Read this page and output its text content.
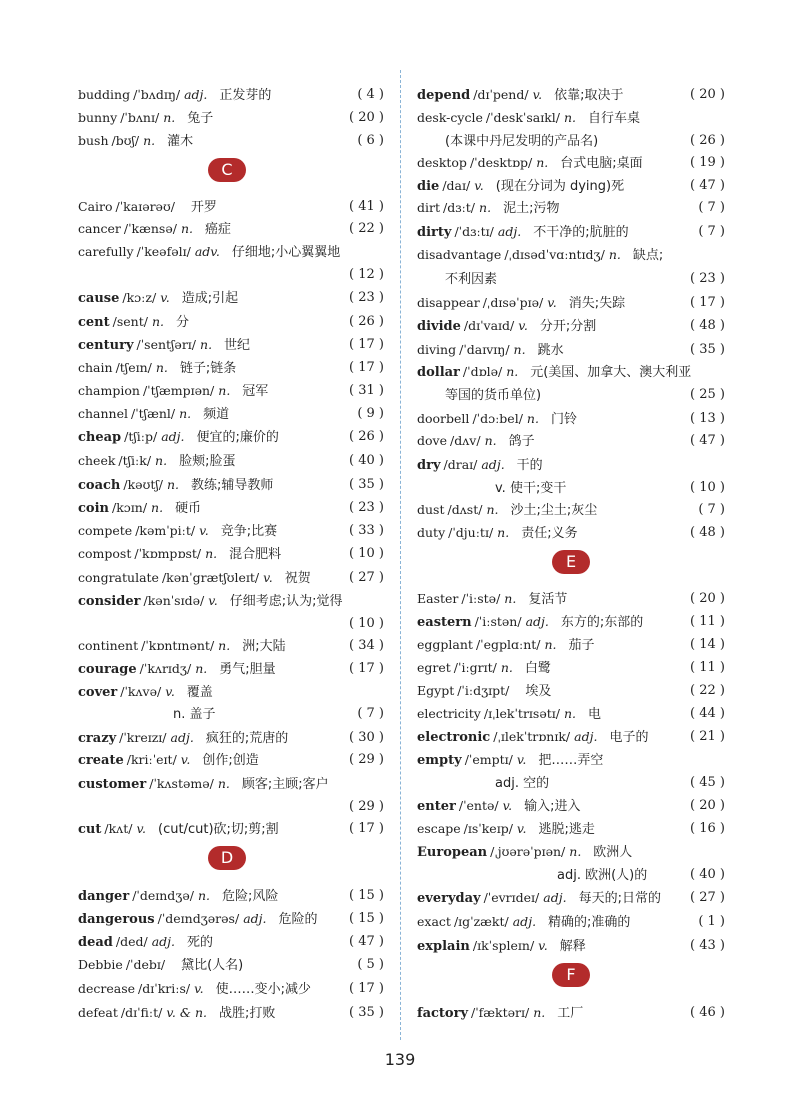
budding /ˈbʌdɪŋ/ adj. 正发芽的	( 4 )
bunny /ˈbʌnɪ/ n. 兔子	( 20 )
bush /bʊʃ/ n. 灌木	( 6 )
C
Cairo /ˈkaɪərəʊ/ 开罗	( 41 )
cancer /ˈkænsə/ n. 癌症	( 22 )
carefully /ˈkeəfəlɪ/ adv. 仔细地;小心翼翼地
( 12 )
cause /kɔːz/ v. 造成;引起	( 23 )
cent /sent/ n. 分	( 26 )
century /ˈsentʃərɪ/ n. 世纪	( 17 )
chain /tʃeɪn/ n. 链子;链条	( 17 )
champion /ˈtʃæmpɪən/ n. 冠军	( 31 )
channel /ˈtʃænl/ n. 频道	( 9 )
cheap /tʃiːp/ adj. 便宜的;廉价的	( 26 )
cheek /tʃiːk/ n. 脸颊;脸蛋	( 40 )
coach /kəʊtʃ/ n. 教练;辅导教师	( 35 )
coin /kɔɪn/ n. 硬币	( 23 )
compete /kəmˈpiːt/ v. 竞争;比赛	( 33 )
compost /ˈkɒmpɒst/ n. 混合肥料	( 10 )
congratulate /kənˈgrætʃʊleɪt/ v. 祝贺	( 27 )
consider /kənˈsɪdə/ v. 仔细考虑;认为;觉得
( 10 )
continent /ˈkɒntɪnənt/ n. 洲;大陆	( 34 )
courage /ˈkʌrɪdʒ/ n. 勇气;胆量	( 17 )
cover /ˈkʌvə/ v. 覆盖
n. 盖子	( 7 )
crazy /ˈkreɪzɪ/ adj. 疯狂的;荒唐的	( 30 )
create /kriːˈeɪt/ v. 创作;创造	( 29 )
customer /ˈkʌstəmə/ n. 顾客;主顾;客户
( 29 )
cut /kʌt/ v. (cut/cut)砍;切;剪;割	( 17 )
D
danger /ˈdeɪndʒə/ n. 危险;风险	( 15 )
dangerous /ˈdeɪndʒərəs/ adj. 危险的 ( 15 )
dead /ded/ adj. 死的	( 47 )
Debbie /ˈdebɪ/ 黛比(人名)	( 5 )
decrease /dɪˈkriːs/ v. 使……变小;减少	( 17 )
defeat /dɪˈfiːt/ v. & n. 战胜;打败	( 35 )
depend /dɪˈpend/ v. 依靠;取决于	( 20 )
desk-cycle /ˈdeskˈsaɪkl/ n. 自行车桌
(本课中丹尼发明的产品名)	( 26 )
desktop /ˈdesktɒp/ n. 台式电脑;桌面	( 19 )
die /daɪ/ v. (现在分词为 dying)死	( 47 )
dirt /dɜːt/ n. 泥土;污物	( 7 )
dirty /ˈdɜːtɪ/ adj. 不干净的;肮脏的	( 7 )
disadvantage /ˌdɪsədˈvɑːntɪdʒ/ n. 缺点;
不利因素	( 23 )
disappear /ˌdɪsəˈpɪə/ v. 消失;失踪	( 17 )
divide /dɪˈvaɪd/ v. 分开;分割	( 48 )
diving /ˈdaɪvɪŋ/ n. 跳水	( 35 )
dollar /ˈdɒlə/ n. 元(美国、加拿大、澳大利亚
等国的货币单位)	( 25 )
doorbell /ˈdɔːbel/ n. 门铃	( 13 )
dove /dʌv/ n. 鸽子	( 47 )
dry /draɪ/ adj. 干的
v. 使干;变干	( 10 )
dust /dʌst/ n. 沙土;尘土;灰尘	( 7 )
duty /ˈdjuːtɪ/ n. 责任;义务	( 48 )
E
Easter /ˈiːstə/ n. 复活节	( 20 )
eastern /ˈiːstən/ adj. 东方的;东部的	( 11 )
eggplant /ˈegplɑːnt/ n. 茄子	( 14 )
egret /ˈiːgrɪt/ n. 白鹭	( 11 )
Egypt /ˈiːdʒɪpt/ 埃及	( 22 )
electricity /ɪˌlekˈtrɪsətɪ/ n. 电	( 44 )
electronic /ˌɪlekˈtrɒnɪk/ adj. 电子的	( 21 )
empty /ˈemptɪ/ v. 把……弄空
adj. 空的	( 45 )
enter /ˈentə/ v. 输入;进入	( 20 )
escape /ɪsˈkeɪp/ v. 逃脱;逃走	( 16 )
European /ˌjʊərəˈpɪən/ n. 欧洲人
adj. 欧洲(人)的	( 40 )
everyday /ˈevrɪdeɪ/ adj. 每天的;日常的 ( 27 )
exact /ɪgˈzækt/ adj. 精确的;准确的	( 1 )
explain /ɪkˈspleɪn/ v. 解释	( 43 )
F
factory /ˈfæktərɪ/ n. 工厂	( 46 )
139
